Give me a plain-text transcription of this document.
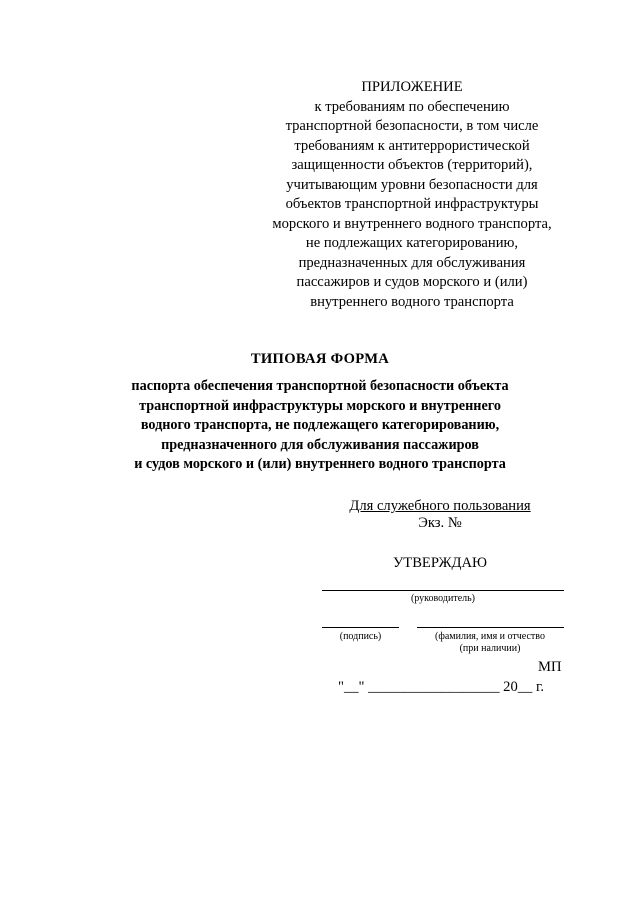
ПРИЛОЖЕНИЕ
к требованиям по обеспечению
транспортной безопасности, в том числе
требованиям к антитеррористической
защищенности объектов (территорий),
учитывающим уровни безопасности для
объектов транспортной инфраструктуры
морского и внутреннего водного транспорта,
не подлежащих категорированию,
предназначенных для обслуживания
пассажиров и судов морского и (или)
внутреннего водного транспорта
ТИПОВАЯ ФОРМА
паспорта обеспечения транспортной безопасности объекта
транспортной инфраструктуры морского и внутреннего
водного транспорта, не подлежащего категорированию,
предназначенного для обслуживания пассажиров
и судов морского и (или) внутреннего водного транспорта
Для служебного пользования
Экз. №
УТВЕРЖДАЮ
(руководитель)
(подпись)	(фамилия, имя и отчество
(при наличии)
МП
"__" __________________ 20__ г.
